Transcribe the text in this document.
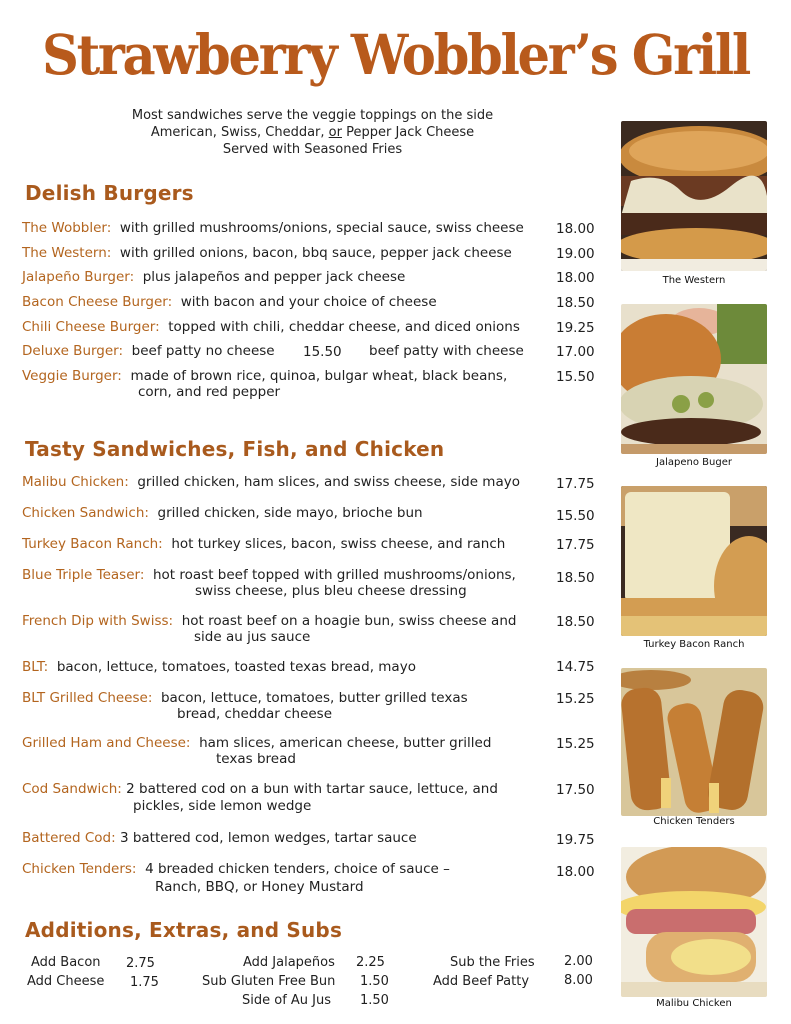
Strawberry Wobbler’s Grill
Most sandwiches serve the veggie toppings on the side
American, Swiss, Cheddar, or Pepper Jack Cheese
Served with Seasoned Fries
Delish Burgers
The Wobbler: with grilled mushrooms/onions, special sauce, swiss cheese 18.00
The Western: with grilled onions, bacon, bbq sauce, pepper jack cheese	19.00
Jalapeño Burger: plus jalapeños and pepper jack cheese	18.00
Bacon Cheese Burger: with bacon and your choice of cheese	18.50
Chili Cheese Burger: topped with chili, cheddar cheese, and diced onions	19.25
Deluxe Burger: beef patty no cheese 15.50 beef patty with cheese 17.00
Veggie Burger: made of brown rice, quinoa, bulgar wheat, black beans,
corn, and red pepper
15.50
Tasty Sandwiches, Fish, and Chicken
Malibu Chicken: grilled chicken, ham slices, and swiss cheese, side mayo	17.75
Chicken Sandwich: grilled chicken, side mayo, brioche bun	15.50
Turkey Bacon Ranch: hot turkey slices, bacon, swiss cheese, and ranch	17.75
Blue Triple Teaser: hot roast beef topped with grilled mushrooms/onions,
swiss cheese, plus bleu cheese dressing
18.50
French Dip with Swiss: hot roast beef on a hoagie bun, swiss cheese and
side au jus sauce
18.50
BLT: bacon, lettuce, tomatoes, toasted texas bread, mayo	14.75
BLT Grilled Cheese: bacon, lettuce, tomatoes, butter grilled texas
bread, cheddar cheese
15.25
Grilled Ham and Cheese: ham slices, american cheese, butter grilled
texas bread
15.25
Cod Sandwich: 2 battered cod on a bun with tartar sauce, lettuce, and
pickles, side lemon wedge
17.50
Battered Cod: 3 battered cod, lemon wedges, tartar sauce	19.75
Chicken Tenders: 4 breaded chicken tenders, choice of sauce –
Ranch, BBQ, or Honey Mustard
18.00
Additions, Extras, and Subs
Add Bacon 2.75
Add Cheese 1.75
Add Jalapeños 2.25
Sub Gluten Free Bun 1.50
Side of Au Jus 1.50
Sub the Fries 2.00
Add Beef Patty	8.00
The Western
Jalapeno Buger
Turkey Bacon Ranch
Chicken Tenders
Malibu Chicken
